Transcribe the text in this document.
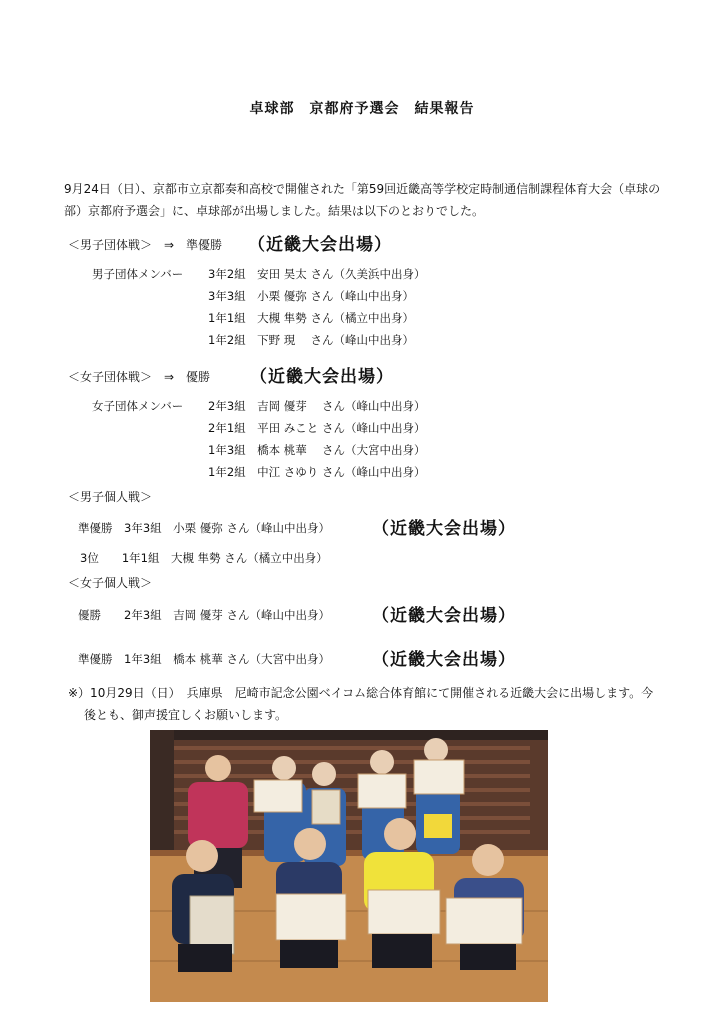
卓球部　京都府予選会　結果報告
9月24日（日）、京都市立京都奏和高校で開催された「第59回近畿高等学校定時制通信制課程体育大会（卓球の部）京都府予選会」に、卓球部が出場しました。結果は以下のとおりでした。
＜男子団体戦＞　⇒　準優勝 （近畿大会出場）
男子団体メンバー 3年2組　安田 昊太 さん（久美浜中出身）
3年3組　小栗 優弥 さん（峰山中出身）
1年1組　大槻 隼勢 さん（橘立中出身）
1年2組　下野 現　 さん（峰山中出身）
＜女子団体戦＞　⇒　優勝 （近畿大会出場）
女子団体メンバー 2年3組　吉岡 優芽　 さん（峰山中出身）
2年1組　平田 みこと さん（峰山中出身）
1年3組　橋本 桃華　 さん（大宮中出身）
1年2組　中江 さゆり さん（峰山中出身）
＜男子個人戦＞
準優勝　3年3組　小栗 優弥 さん（峰山中出身） （近畿大会出場）
3位　　1年1組　大槻 隼勢 さん（橘立中出身）
＜女子個人戦＞
優勝　　2年3組　吉岡 優芽 さん（峰山中出身） （近畿大会出場）
準優勝　1年3組　橋本 桃華 さん（大宮中出身） （近畿大会出場）
※）10月29日（日）　兵庫県　尼崎市記念公園ベイコム総合体育館にて開催される近畿大会に出場します。今後とも、御声援宜しくお願いします。
